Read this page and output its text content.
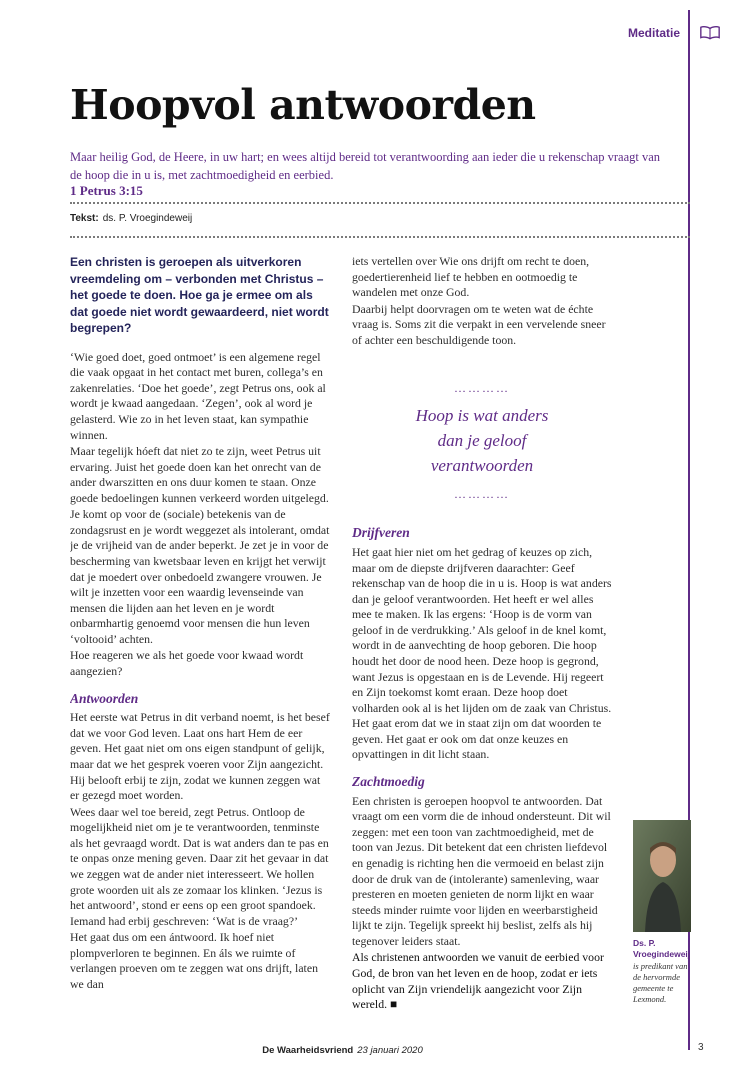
Meditatie
Hoopvol antwoorden
Maar heilig God, de Heere, in uw hart; en wees altijd bereid tot verantwoording aan ieder die u rekenschap vraagt van de hoop die in u is, met zachtmoedigheid en eerbied.
1 Petrus 3:15
Tekst: ds. P. Vroegindeweij

Een christen is geroepen als uitverkoren vreemdeling om – verbonden met Christus – het goede te doen. Hoe ga je ermee om als dat goede niet wordt gewaardeerd, niet wordt begrepen?

‘Wie goed doet, goed ontmoet’ is een algemene regel die vaak opgaat in het contact met buren, collega’s en zakenrelaties. ‘Doe het goede’, zegt Petrus ons, ook al wordt je kwaad aangedaan. ‘Zegen’, ook al word je gelasterd. Wie zo in het leven staat, kan sympathie winnen.

Maar tegelijk hóeft dat niet zo te zijn, weet Petrus uit ervaring. Juist het goede doen kan het onrecht van de ander dwarszitten en ons duur komen te staan. Onze goede bedoelingen kunnen verkeerd worden uitgelegd.

Je komt op voor de (sociale) betekenis van de zondagsrust en je wordt weggezet als intolerant, omdat je de vrijheid van de ander beperkt. Je zet je in voor de bescherming van kwetsbaar leven en krijgt het verwijt dat je moedert over onbedoeld zwangere vrouwen. Je wilt je inzetten voor een waardig levenseinde van mensen die lijden aan het leven en je wordt onbarmhartig genoemd voor mensen die hun leven ‘voltooid’ achten.

Hoe reageren we als het goede voor kwaad wordt aangezien?

Antwoorden

Het eerste wat Petrus in dit verband noemt, is het besef dat we voor God leven. Laat ons hart Hem de eer geven. Het gaat niet om ons eigen standpunt of gelijk, maar dat we het gesprek voeren voor Zijn aangezicht. Hij belooft erbij te zijn, zodat we kunnen zeggen wat er gezegd moet worden.

Wees daar wel toe bereid, zegt Petrus. Ontloop de mogelijkheid niet om je te verantwoorden, tenminste als het gevraagd wordt. Dat is wat anders dan te pas en te onpas onze mening geven. Daar zit het gevaar in dat we zeggen wat de ander niet interesseert. We hollen grote woorden uit als ze zomaar los klinken. ‘Jezus is het antwoord’, stond er eens op een groot spandoek. Iemand had erbij geschreven: ‘Wat is de vraag?’

Het gaat dus om een ántwoord. Ik hoef niet plompverloren te beginnen. En áls we ruimte of verlangen proeven om te zeggen wat ons drijft, laten we dan

iets vertellen over Wie ons drijft om recht te doen, goedertierenheid lief te hebben en ootmoedig te wandelen met onze God.

Daarbij helpt doorvragen om te weten wat de échte vraag is. Soms zit die verpakt in een vervelende sneer of achter een beschuldigende toon.

…………
Hoop is wat anders dan je geloof verantwoorden
…………
Drijfveren

Het gaat hier niet om het gedrag of keuzes op zich, maar om de diepste drijfveren daarachter: Geef rekenschap van de hoop die in u is. Hoop is wat anders dan je geloof verantwoorden. Het heeft er wel alles mee te maken. Ik las ergens: ‘Hoop is de vorm van geloof in de verdrukking.’ Als geloof in de knel komt, wordt in de aanvechting de hoop geboren. Die hoop houdt het door de nood heen. Deze hoop is gegrond, want Jezus is opgestaan en is de Levende. Hij regeert en Zijn toekomst komt eraan. Deze hoop doet volharden ook al is het lijden om de zaak van Christus. Het gaat erom dat we in staat zijn om dat woorden te geven. Het gaat er ook om dat onze keuzes en opvattingen in dit licht staan.

Zachtmoedig

Een christen is geroepen hoopvol te antwoorden. Dat vraagt om een vorm die de inhoud ondersteunt. Dit wil zeggen: met een toon van zachtmoedigheid, met de toon van Jezus. Dit betekent dat een christen liefdevol en genadig is richting hen die vermoeid en belast zijn door de druk van de (intolerante) samenleving, waar presteren en moeten genieten de norm lijkt en waar steeds minder ruimte voor lijden en weerbarstigheid lijkt te zijn. Tegelijk spreekt hij beslist, zelfs als hij tegenover leiders staat.

Als christenen antwoorden we vanuit de eerbied voor God, de bron van het leven en de hoop, zodat er iets oplicht van Zijn vriendelijk aangezicht voor Zijn wereld. ■

Ds. P. Vroegindeweij
is predikant van de hervormde gemeente te Lexmond.
De Waarheidsvriend 23 januari 2020	3
